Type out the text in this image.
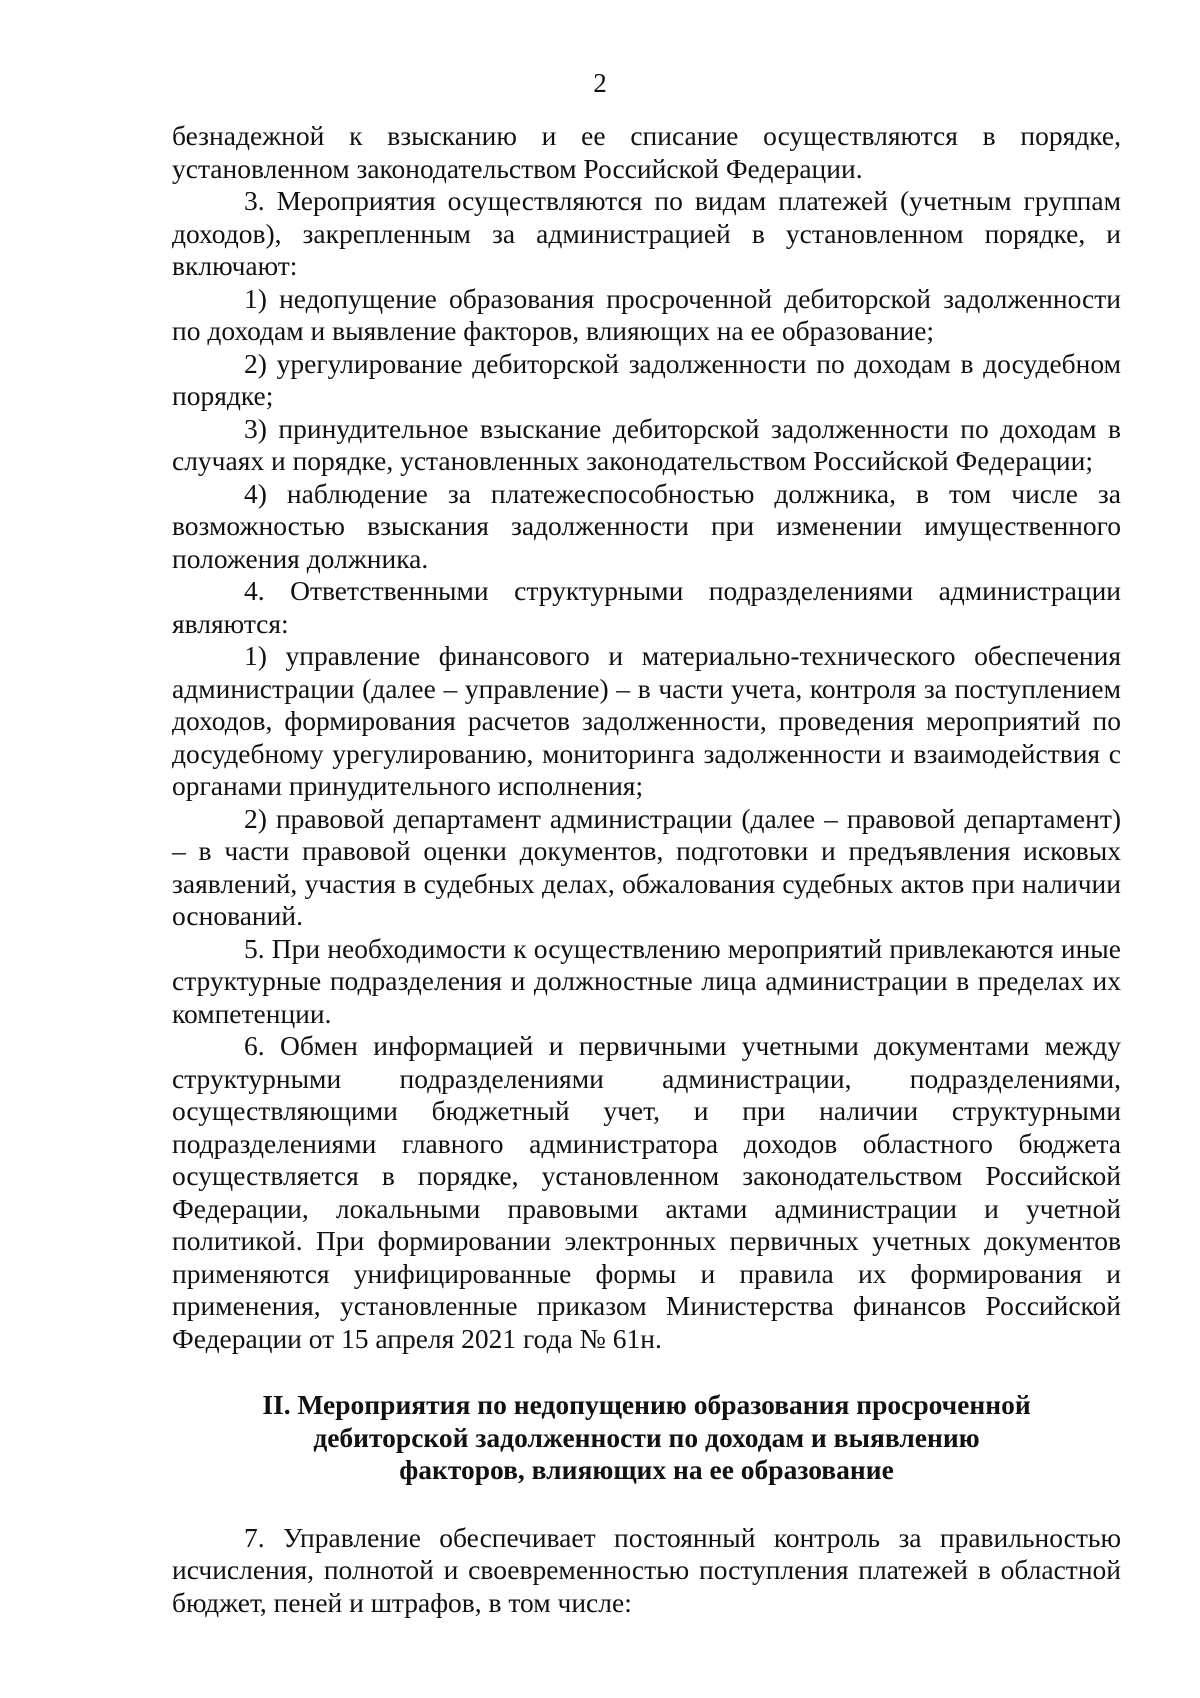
2

безнадежной к взысканию и ее списание осуществляются в порядке, установленном законодательством Российской Федерации.

3. Мероприятия осуществляются по видам платежей (учетным группам доходов), закрепленным за администрацией в установленном порядке, и включают:

1) недопущение образования просроченной дебиторской задолженности по доходам и выявление факторов, влияющих на ее образование;

2) урегулирование дебиторской задолженности по доходам в досудебном порядке;

3) принудительное взыскание дебиторской задолженности по доходам в случаях и порядке, установленных законодательством Российской Федерации;

4) наблюдение за платежеспособностью должника, в том числе за возможностью взыскания задолженности при изменении имущественного положения должника.

4. Ответственными структурными подразделениями администрации являются:

1) управление финансового и материально-технического обеспечения администрации (далее – управление) – в части учета, контроля за поступлением доходов, формирования расчетов задолженности, проведения мероприятий по досудебному урегулированию, мониторинга задолженности и взаимодействия с органами принудительного исполнения;

2) правовой департамент администрации (далее – правовой департамент) – в части правовой оценки документов, подготовки и предъявления исковых заявлений, участия в судебных делах, обжалования судебных актов при наличии оснований.

5. При необходимости к осуществлению мероприятий привлекаются иные структурные подразделения и должностные лица администрации в пределах их компетенции.

6. Обмен информацией и первичными учетными документами между структурными подразделениями администрации, подразделениями, осуществляющими бюджетный учет, и при наличии структурными подразделениями главного администратора доходов областного бюджета осуществляется в порядке, установленном законодательством Российской Федерации, локальными правовыми актами администрации и учетной политикой. При формировании электронных первичных учетных документов применяются унифицированные формы и правила их формирования и применения, установленные приказом Министерства финансов Российской Федерации от 15 апреля 2021 года № 61н.

II. Мероприятия по недопущению образования просроченной
дебиторской задолженности по доходам и выявлению
факторов, влияющих на ее образование

7. Управление обеспечивает постоянный контроль за правильностью исчисления, полнотой и своевременностью поступления платежей в областной бюджет, пеней и штрафов, в том числе:
